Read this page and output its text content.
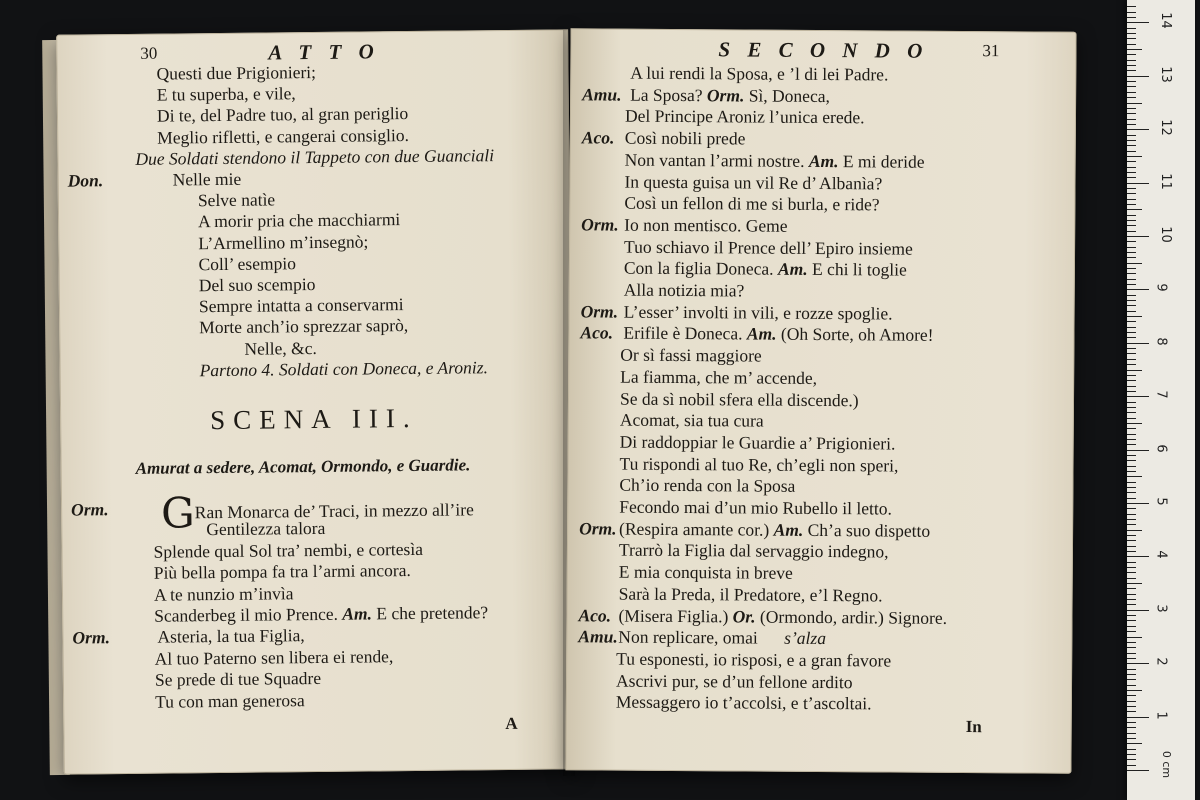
30	A T T O
Questi due Prigionieri;
E tu superba, e vile,
Di te, del Padre tuo, al gran periglio
Meglio rifletti, e cangerai consiglio.
Due Soldati stendono il Tappeto con due Guanciali
Don.	Nelle mie
Selve natìe
A morir pria che macchiarmi
L’Armellino m’insegnò;
Coll’ esempio
Del suo scempio
Sempre intatta a conservarmi
Morte anch’io sprezzar saprò,
Nelle, &c.
Partono 4. Soldati con Doneca, e Aroniz.
SCENA III.
Amurat a sedere, Acomat, Ormondo, e Guardie.
Orm. GRan Monarca de’ Traci, in mezzo all’ire
Gentilezza talora
Splende qual Sol tra’ nembi, e cortesìa
Più bella pompa fa tra l’armi ancora.
A te nunzio m’invìa
Scanderbeg il mio Prence. Am. E che pretende?
Orm.	Asteria, la tua Figlia,
Al tuo Paterno sen libera ei rende,
Se prede di tue Squadre
Tu con man generosa
A
S E C O N D O	31
A lui rendi la Sposa, e ’l di lei Padre.
Amu. La Sposa? Orm. Sì, Doneca,
Del Principe Aroniz l’unica erede.
Aco. Così nobili prede
Non vantan l’armi nostre. Am. E mi deride
In questa guisa un vil Re d’ Albanìa?
Così un fellon di me si burla, e ride?
Orm. Io non mentisco. Geme
Tuo schiavo il Prence dell’ Epiro insieme
Con la figlia Doneca. Am. E chi li toglie
Alla notizia mia?
Orm. L’esser’ involti in vili, e rozze spoglie.
Aco. Erifile è Doneca. Am. (Oh Sorte, oh Amore!
Or sì fassi maggiore
La fiamma, che m’ accende,
Se da sì nobil sfera ella discende.)
Acomat, sia tua cura
Di raddoppiar le Guardie a’ Prigionieri.
Tu rispondi al tuo Re, ch’egli non speri,
Ch’io renda con la Sposa
Fecondo mai d’un mio Rubello il letto.
Orm. (Respira amante cor.) Am. Ch’a suo dispetto
Trarrò la Figlia dal servaggio indegno,
E mia conquista in breve
Sarà la Preda, il Predatore, e’l Regno.
Aco. (Misera Figlia.) Or. (Ormondo, ardir.) Signore.
Amu. Non replicare, omai s’alza
Tu esponesti, io risposi, e a gran favore
Ascrivi pur, se d’un fellone ardito
Messaggero io t’accolsi, e t’ascoltai.
In
0 cm
1
2
3
4
5
6
7
8
9
10
11
12
13
14
